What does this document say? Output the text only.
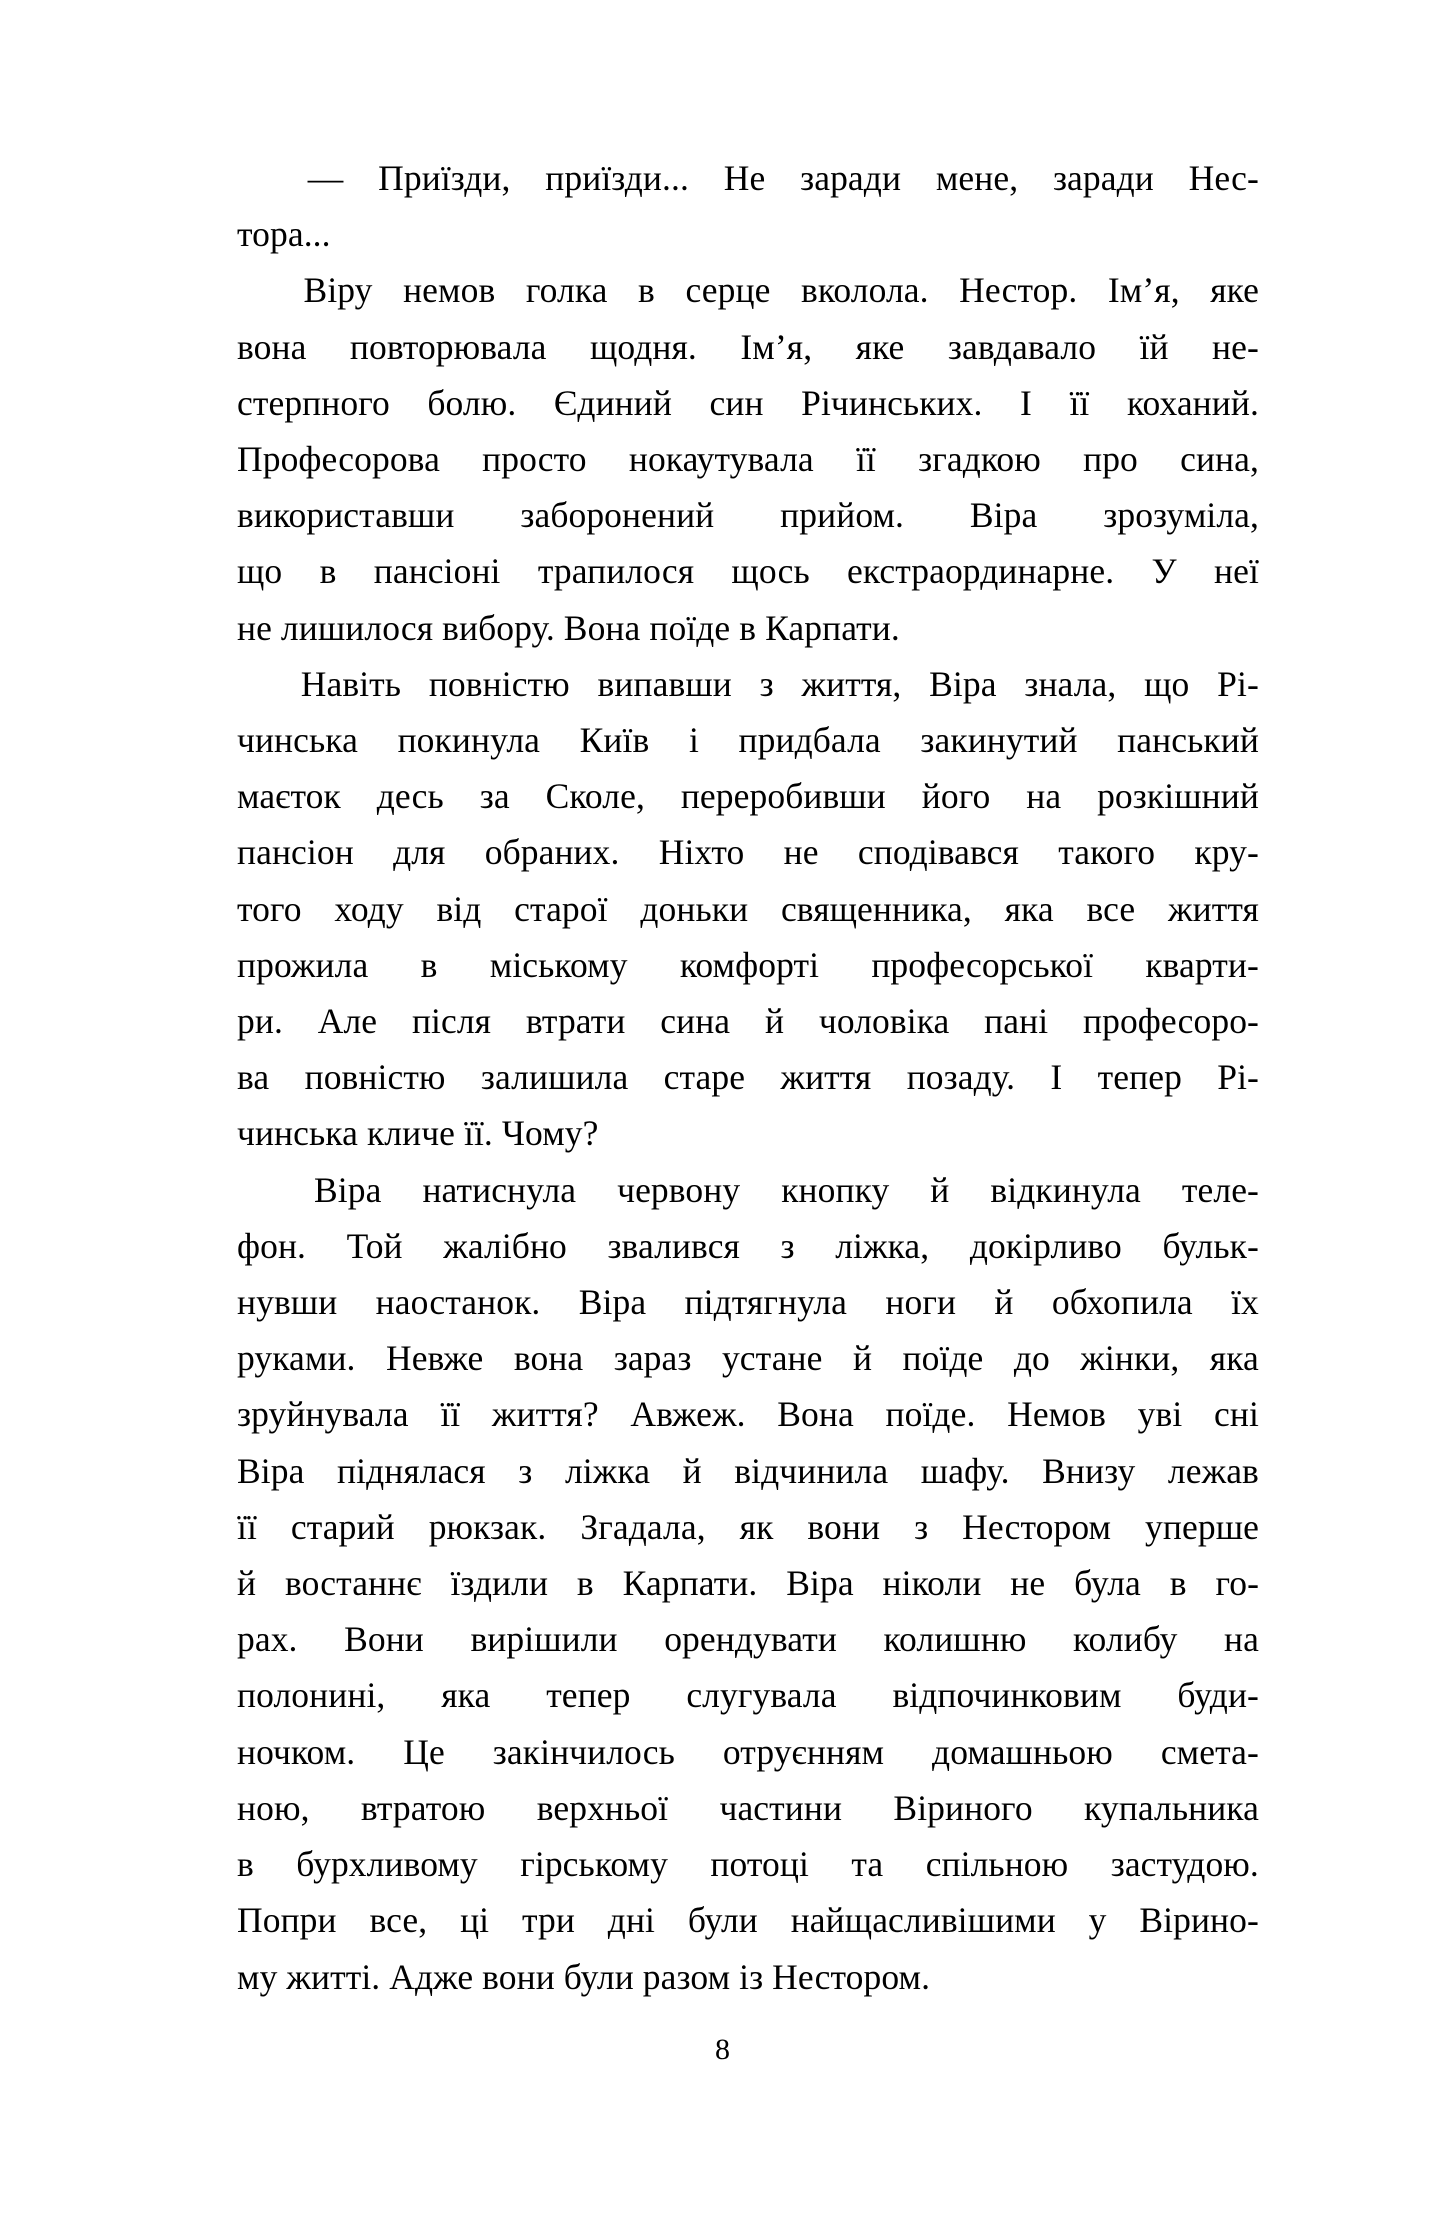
— Приїзди, приїзди... Не заради мене, заради Нес-
тора...
Віру немов голка в серце вколола. Нестор. Ім’я, яке
вона повторювала щодня. Ім’я, яке завдавало їй не-
стерпного болю. Єдиний син Річинських. І її коханий.
Професорова просто нокаутувала її згадкою про сина,
використавши заборонений прийом. Віра зрозуміла,
що в пансіоні трапилося щось екстраординарне. У неї
не лишилося вибору. Вона поїде в Карпати.
Навіть повністю випавши з життя, Віра знала, що Рі-
чинська покинула Київ і придбала закинутий панський
маєток десь за Сколе, переробивши його на розкішний
пансіон для обраних. Ніхто не сподівався такого кру-
того ходу від старої доньки священника, яка все життя
прожила в міському комфорті професорської кварти-
ри. Але після втрати сина й чоловіка пані професоро-
ва повністю залишила старе життя позаду. І тепер Рі-
чинська кличе її. Чому?
Віра натиснула червону кнопку й відкинула теле-
фон. Той жалібно звалився з ліжка, докірливо бульк-
нувши наостанок. Віра підтягнула ноги й обхопила їх
руками. Невже вона зараз устане й поїде до жінки, яка
зруйнувала її життя? Авжеж. Вона поїде. Немов уві сні
Віра піднялася з ліжка й відчинила шафу. Внизу лежав
її старий рюкзак. Згадала, як вони з Нестором уперше
й востаннє їздили в Карпати. Віра ніколи не була в го-
рах. Вони вирішили орендувати колишню колибу на
полонині, яка тепер слугувала відпочинковим буди-
ночком. Це закінчилось отруєнням домашньою смета-
ною, втратою верхньої частини Віриного купальника
в бурхливому гірському потоці та спільною застудою.
Попри все, ці три дні були найщасливішими у Вірино-
му житті. Адже вони були разом із Нестором.
8
